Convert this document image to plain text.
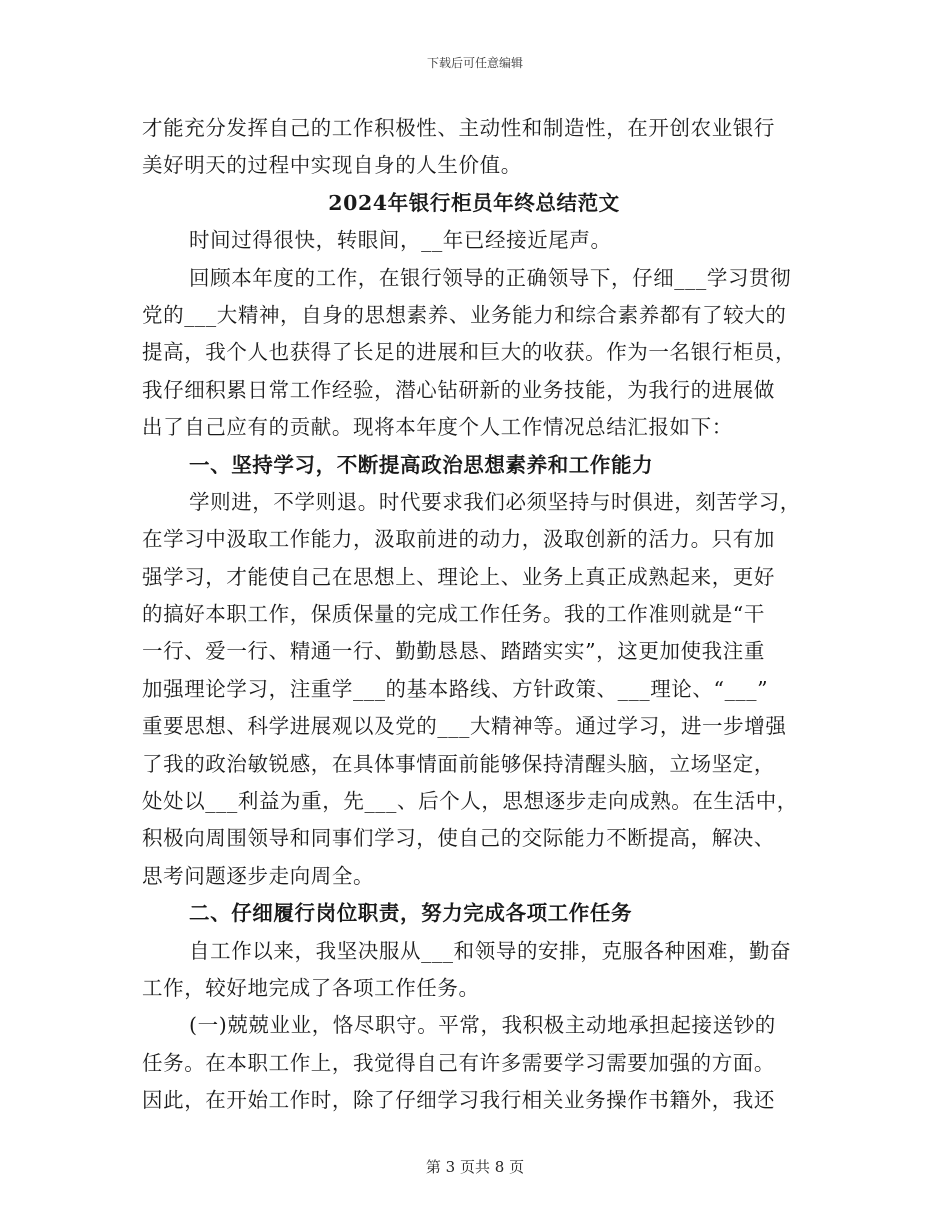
下载后可任意编辑
才能充分发挥自己的工作积极性、主动性和制造性，在开创农业银行
美好明天的过程中实现自身的人生价值。
2024年银行柜员年终总结范文
时间过得很快，转眼间，__年已经接近尾声。
回顾本年度的工作，在银行领导的正确领导下，仔细___学习贯彻
党的___大精神，自身的思想素养、业务能力和综合素养都有了较大的
提高，我个人也获得了长足的进展和巨大的收获。作为一名银行柜员，
我仔细积累日常工作经验，潜心钻研新的业务技能，为我行的进展做
出了自己应有的贡献。现将本年度个人工作情况总结汇报如下：
一、坚持学习，不断提高政治思想素养和工作能力
学则进，不学则退。时代要求我们必须坚持与时俱进，刻苦学习，
在学习中汲取工作能力，汲取前进的动力，汲取创新的活力。只有加
强学习，才能使自己在思想上、理论上、业务上真正成熟起来，更好
的搞好本职工作，保质保量的完成工作任务。我的工作准则就是“干
一行、爱一行、精通一行、勤勤恳恳、踏踏实实”，这更加使我注重
加强理论学习，注重学___的基本路线、方针政策、___理论、“___”
重要思想、科学进展观以及党的___大精神等。通过学习，进一步增强
了我的政治敏锐感，在具体事情面前能够保持清醒头脑，立场坚定，
处处以___利益为重，先___、后个人，思想逐步走向成熟。在生活中，
积极向周围领导和同事们学习，使自己的交际能力不断提高，解决、
思考问题逐步走向周全。
二、仔细履行岗位职责，努力完成各项工作任务
自工作以来，我坚决服从___和领导的安排，克服各种困难，勤奋
工作，较好地完成了各项工作任务。
(一)兢兢业业，恪尽职守。平常，我积极主动地承担起接送钞的
任务。在本职工作上，我觉得自己有许多需要学习需要加强的方面。
因此，在开始工作时，除了仔细学习我行相关业务操作书籍外，我还
第 3 页共 8 页
